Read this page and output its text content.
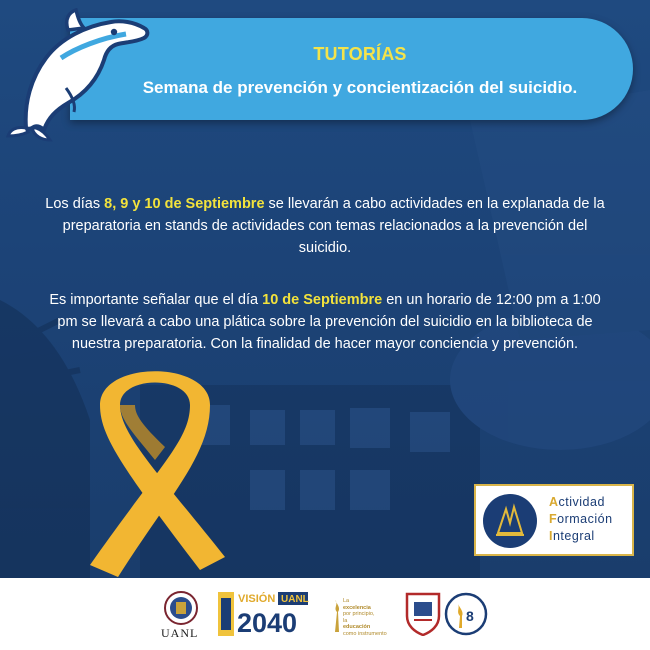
TUTORÍAS
Semana de prevención y concientización del suicidio.

Los días 8, 9 y 10 de Septiembre se llevarán a cabo actividades en la explanada de la preparatoria en stands de actividades con temas relacionados a la prevención del suicidio.

Es importante señalar que el día 10 de Septiembre en un horario de 12:00 pm a 1:00 pm se llevará a cabo una plática sobre la prevención del suicidio en la biblioteca de nuestra preparatoria. Con la finalidad de hacer mayor conciencia y prevención.

Actividad
Formación
Integral
UANL
VISIÓN UANL
2040
La
excelencia
por principio,
la
educación
como instrumento
8
